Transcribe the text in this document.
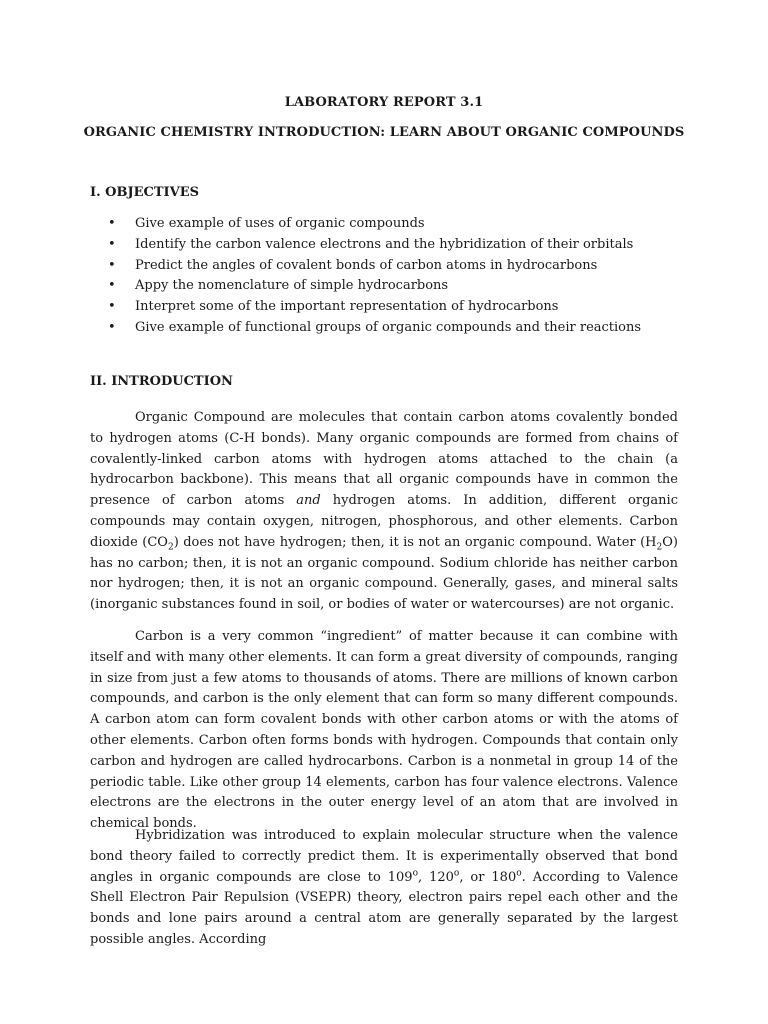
LABORATORY REPORT 3.1
ORGANIC CHEMISTRY INTRODUCTION: LEARN ABOUT ORGANIC COMPOUNDS
I. OBJECTIVES
• Give example of uses of organic compounds
• Identify the carbon valence electrons and the hybridization of their orbitals
• Predict the angles of covalent bonds of carbon atoms in hydrocarbons
• Appy the nomenclature of simple hydrocarbons
• Interpret some of the important representation of hydrocarbons
• Give example of functional groups of organic compounds and their reactions
II. INTRODUCTION

Organic Compound are molecules that contain carbon atoms covalently bonded to hydrogen atoms (C-H bonds). Many organic compounds are formed from chains of covalently-linked carbon atoms with hydrogen atoms attached to the chain (a hydrocarbon backbone). This means that all organic compounds have in common the presence of carbon atoms and hydrogen atoms. In addition, different organic compounds may contain oxygen, nitrogen, phosphorous, and other elements. Carbon dioxide $(CO_2)$ does not have hydrogen; then, it is not an organic compound. Water $(H_2O)$ has no carbon; then, it is not an organic compound. Sodium chloride has neither carbon nor hydrogen; then, it is not an organic compound. Generally, gases, and mineral salts (inorganic substances found in soil, or bodies of water or watercourses) are not organic.

Carbon is a very common “ingredient” of matter because it can combine with itself and with many other elements. It can form a great diversity of compounds, ranging in size from just a few atoms to thousands of atoms. There are millions of known carbon compounds, and carbon is the only element that can form so many different compounds. A carbon atom can form covalent bonds with other carbon atoms or with the atoms of other elements. Carbon often forms bonds with hydrogen. Compounds that contain only carbon and hydrogen are called hydrocarbons. Carbon is a nonmetal in group 14 of the periodic table. Like other group 14 elements, carbon has four valence electrons. Valence electrons are the electrons in the outer energy level of an atom that are involved in chemical bonds.

Hybridization was introduced to explain molecular structure when the valence bond theory failed to correctly predict them. It is experimentally observed that bond angles in organic compounds are close to 109$^o$, 120$^o$, or 180$^o$. According to Valence Shell Electron Pair Repulsion (VSEPR) theory, electron pairs repel each other and the bonds and lone pairs around a central atom are generally separated by the largest possible angles. According
